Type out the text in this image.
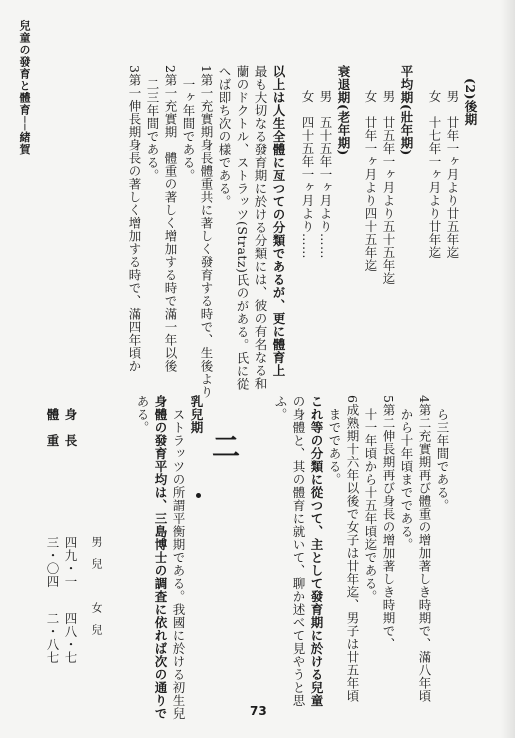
兒童の發育と體育──緒賀	(2)後期
男　廿年一ヶ月より廿五年迄
女　十七年一ヶ月より廿年迄
平均期(壯年期)
男　廿五年一ヶ月より五十五年迄
女　廿年一ヶ月より四十五年迄
衰退期(老年期)
男　五十五年一ヶ月より……
女　四十五年一ヶ月より……
以上は人生全體に亙つての分類であるが、更に體育上
最も大切なる發育期に於ける分類には、彼の有名なる和
蘭のドクトル、ストラッツ(Stratz)氏のがある。氏に從
へば即ち次の樣である。
1第一充實期身長體重共に著しく發育する時で、生後より
一ヶ年間である。
2第一充實期　體重の著しく增加する時で滿一年以後
二三年間である。
3第一伸長期身長の著しく增加する時で、滿四年頃か
ら三年間である。
4第二充實期再び體重の增加著しき時期で、滿八年頃
から十年頃までである。
5第二伸長期再び身長の增加著しき時期で、
十一年頃から十五年頃迄である。
6成熟期十六年以後で女子は廿年迄、男子は廿五年頃
までである。
これ等の分類に從つて、主として發育期に於ける兒童
の身體と、其の體育に就いて、聊か述べて見やうと思
ふ。
乳兒期
ストラッツの所謂平衡期である。我國に於ける初生兒
身體の發育平均は、三島博士の調査に依れば次の通りで
ある。
二
男　兒　　　女　兒
身　長
四九・一
四八・七
體　重
三・〇四
二・八七
73
